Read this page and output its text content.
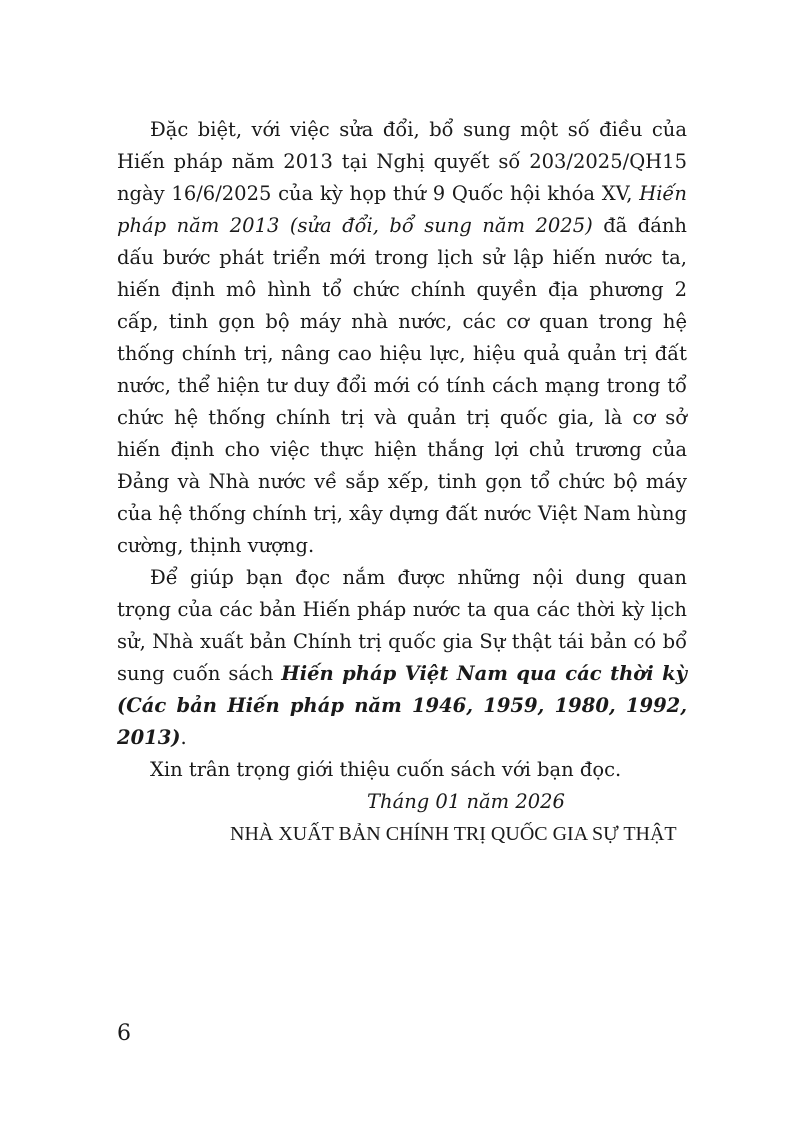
Đặc biệt, với việc sửa đổi, bổ sung một số điều của Hiến pháp năm 2013 tại Nghị quyết số 203/2025/QH15 ngày 16/6/2025 của kỳ họp thứ 9 Quốc hội khóa XV, Hiến pháp năm 2013 (sửa đổi, bổ sung năm 2025) đã đánh dấu bước phát triển mới trong lịch sử lập hiến nước ta, hiến định mô hình tổ chức chính quyền địa phương 2 cấp, tinh gọn bộ máy nhà nước, các cơ quan trong hệ thống chính trị, nâng cao hiệu lực, hiệu quả quản trị đất nước, thể hiện tư duy đổi mới có tính cách mạng trong tổ chức hệ thống chính trị và quản trị quốc gia, là cơ sở hiến định cho việc thực hiện thắng lợi chủ trương của Đảng và Nhà nước về sắp xếp, tinh gọn tổ chức bộ máy của hệ thống chính trị, xây dựng đất nước Việt Nam hùng cường, thịnh vượng.

Để giúp bạn đọc nắm được những nội dung quan trọng của các bản Hiến pháp nước ta qua các thời kỳ lịch sử, Nhà xuất bản Chính trị quốc gia Sự thật tái bản có bổ sung cuốn sách Hiến pháp Việt Nam qua các thời kỳ (Các bản Hiến pháp năm 1946, 1959, 1980, 1992, 2013).

Xin trân trọng giới thiệu cuốn sách với bạn đọc.

Tháng 01 năm 2026

NHÀ XUẤT BẢN CHÍNH TRỊ QUỐC GIA SỰ THẬT

6
